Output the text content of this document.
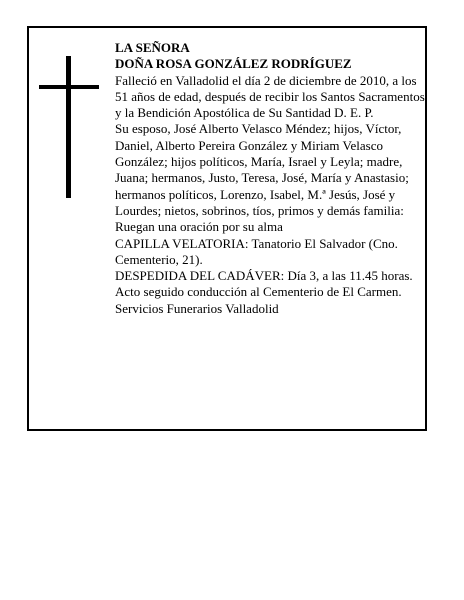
LA SEÑORA

DOÑA ROSA GONZÁLEZ RODRÍGUEZ

Falleció en Valladolid el día 2 de diciembre de 2010, a los 51 años de edad, después de recibir los Santos Sacramentos y la Bendición Apostólica de Su Santidad D. E. P.

Su esposo, José Alberto Velasco Méndez; hijos, Víctor, Daniel, Alberto Pereira González y Miriam Velasco González; hijos políticos, María, Israel y Leyla; madre, Juana; hermanos, Justo, Teresa, José, María y Anastasio; hermanos políticos, Lorenzo, Isabel, M.ª Jesús, José y Lourdes; nietos, sobrinos, tíos, primos y demás familia:

Ruegan una oración por su alma

CAPILLA VELATORIA: Tanatorio El Salvador (Cno. Cementerio, 21).

DESPEDIDA DEL CADÁVER: Día 3, a las 11.45 horas. Acto seguido conducción al Cementerio de El Carmen.

Servicios Funerarios Valladolid
